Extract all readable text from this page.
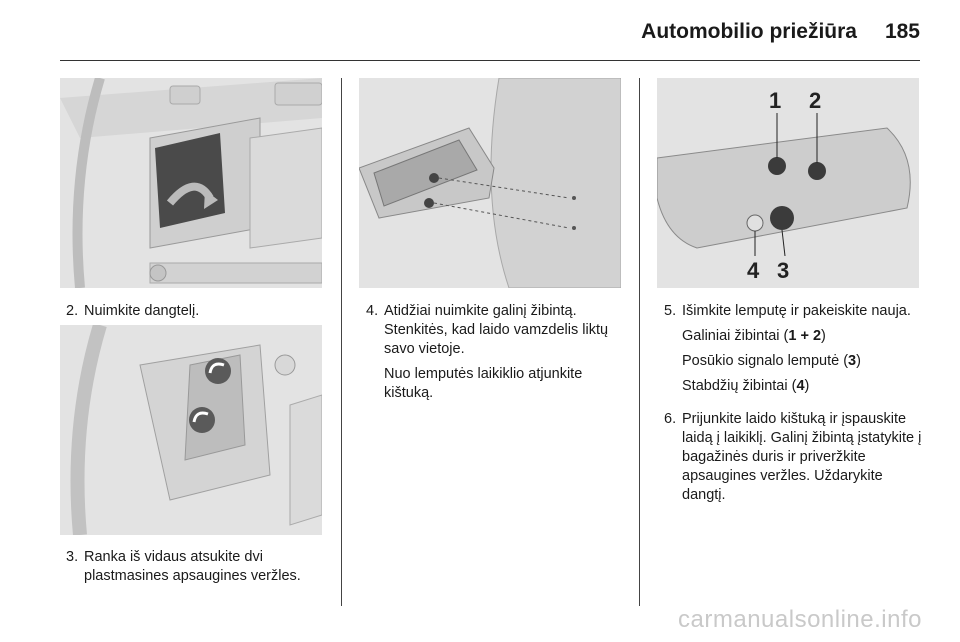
Automobilio priežiūra 185
2. Nuimkite dangtelį.

3. Ranka iš vidaus atsukite dvi plastmasines apsaugines veržles.

4. Atidžiai nuimkite galinį žibintą. Stenkitės, kad laido vamzdelis liktų savo vietoje.

Nuo lemputės laikiklio atjunkite kištuką.

1 2
4 3
5. Išimkite lemputę ir pakeiskite nauja.

Galiniai žibintai (1 + 2)

Posūkio signalo lemputė (3)

Stabdžių žibintai (4)

6. Prijunkite laido kištuką ir įspauskite laidą į laikiklį. Galinį žibintą įstatykite į bagažinės duris ir priveržkite apsaugines veržles. Uždarykite dangtį.

carmanualsonline.info
